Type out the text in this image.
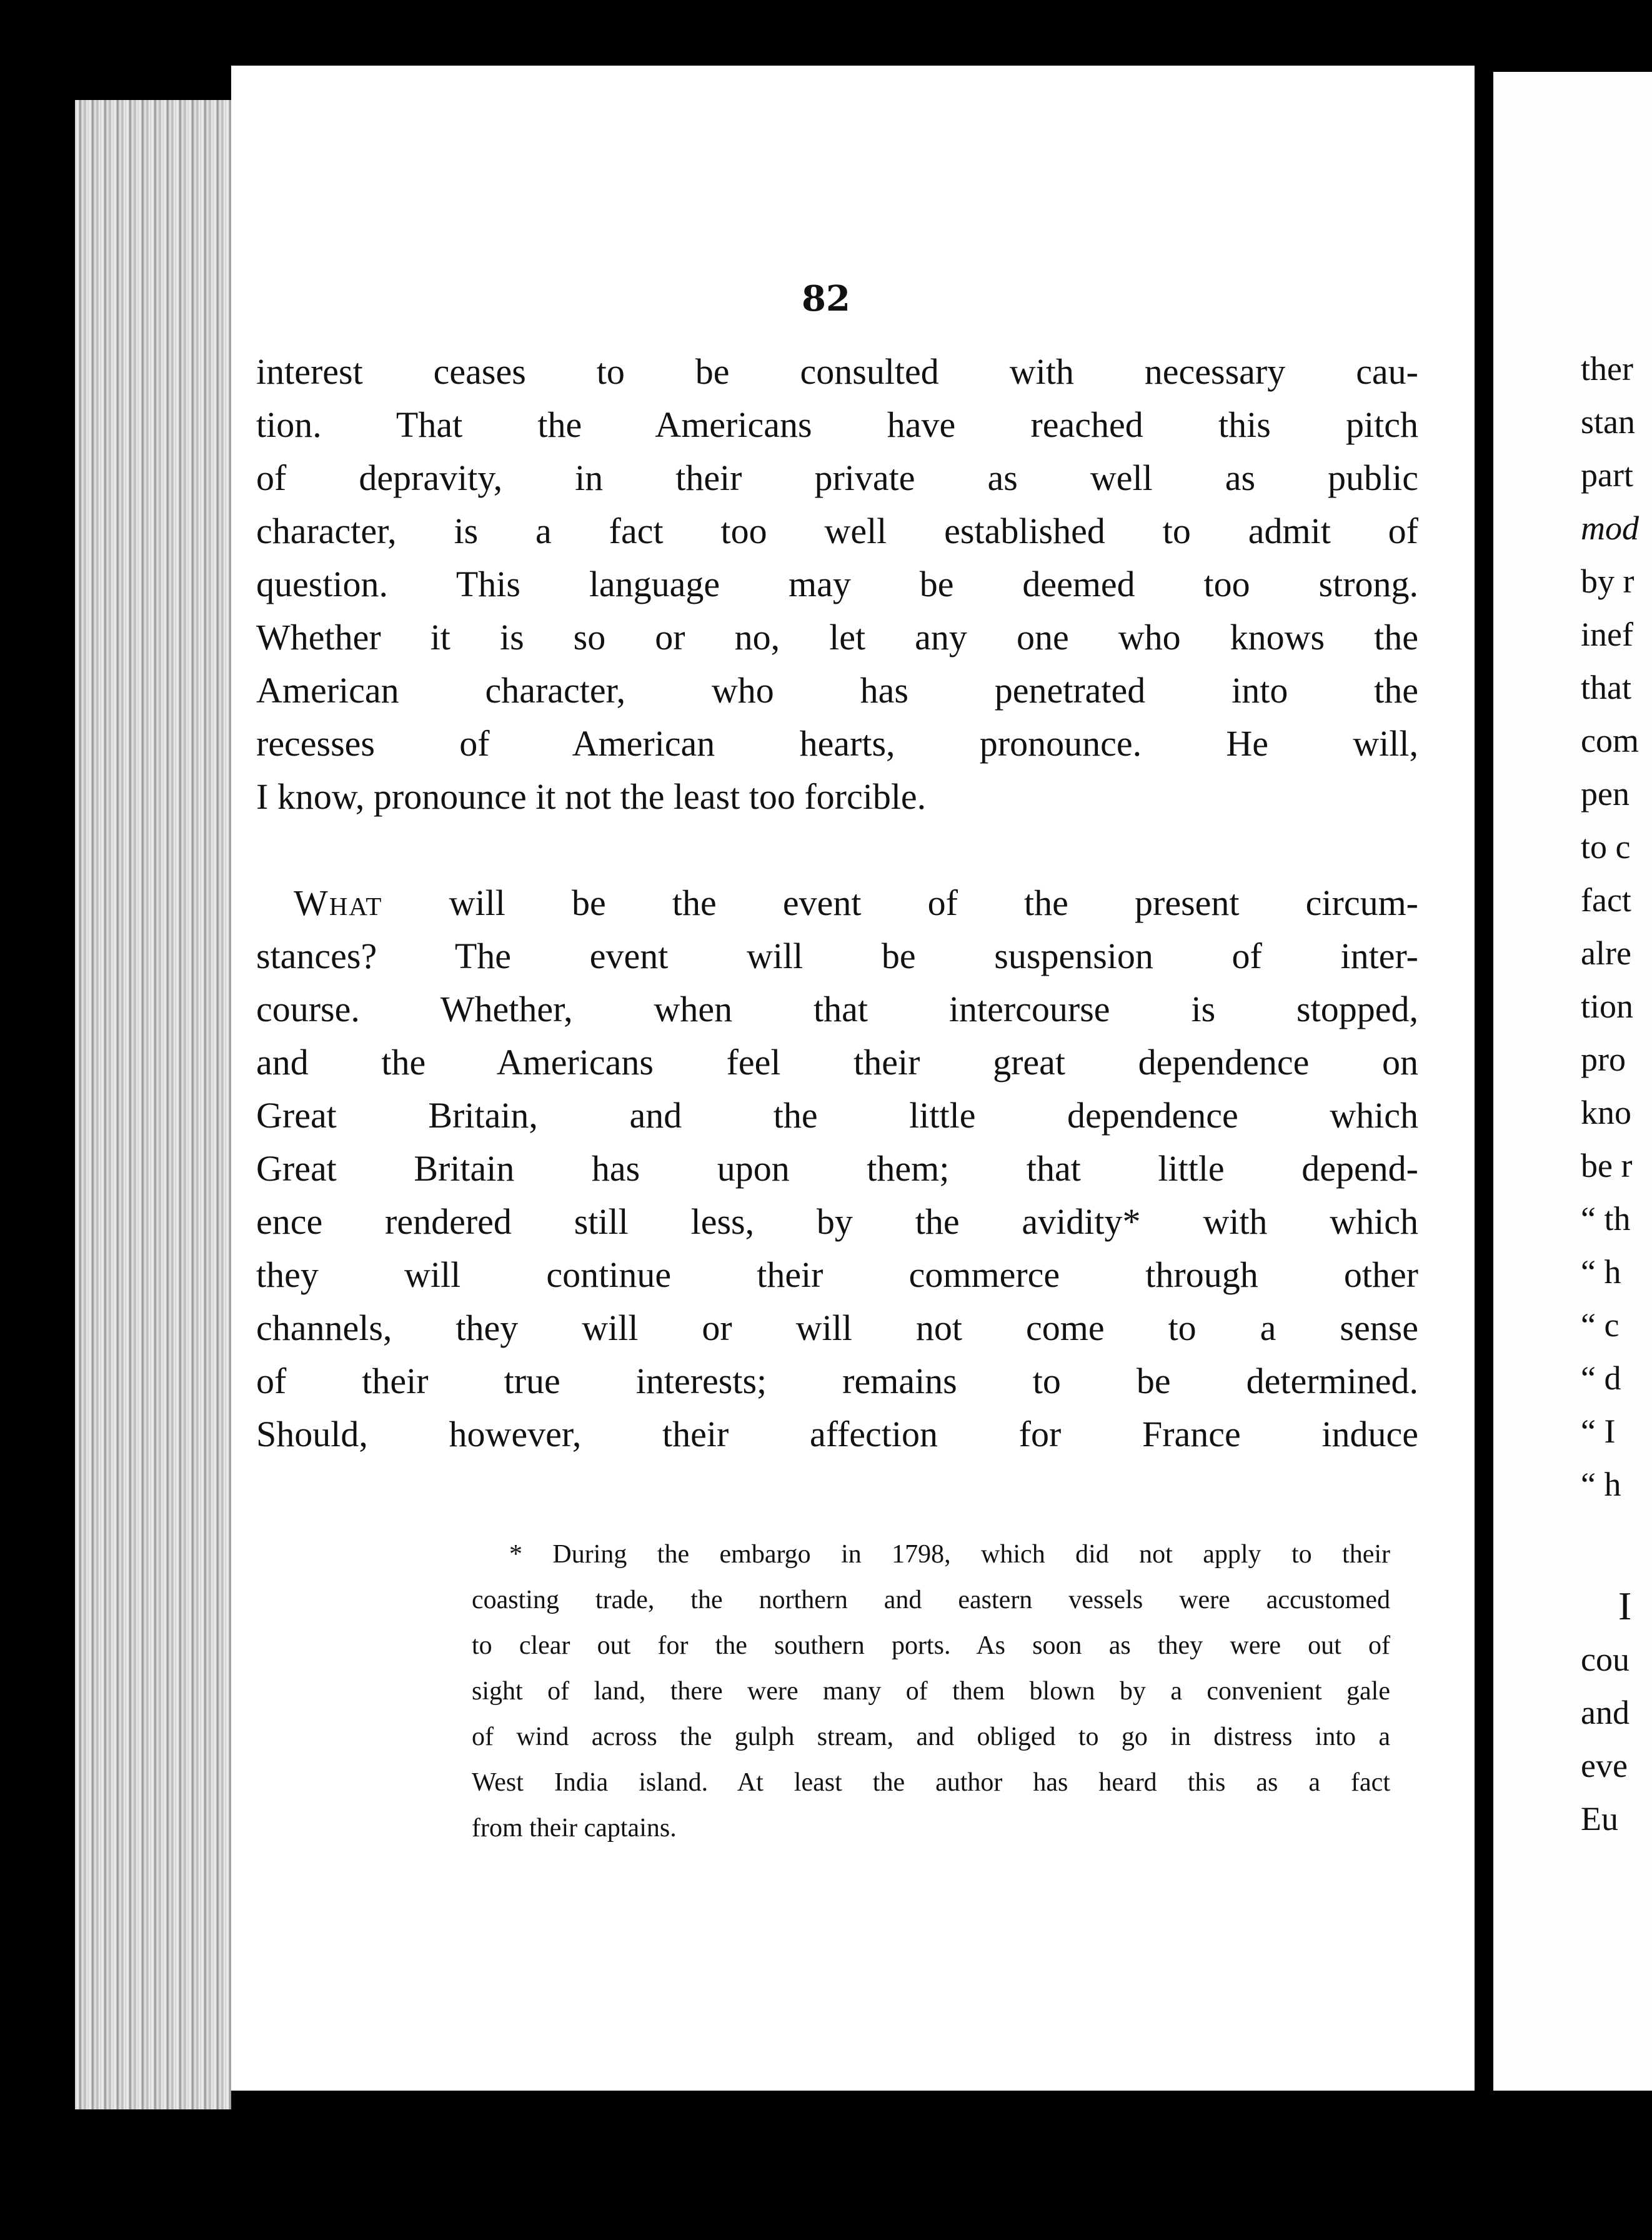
82
interest ceases to be consulted with necessary cau-
tion. That the Americans have reached this pitch
of depravity, in their private as well as public
character, is a fact too well established to admit of
question. This language may be deemed too strong.
Whether it is so or no, let any one who knows the
American character, who has penetrated into the
recesses of American hearts, pronounce. He will,
I know, pronounce it not the least too forcible.
What will be the event of the present circum-
stances? The event will be suspension of inter-
course. Whether, when that intercourse is stopped,
and the Americans feel their great dependence on
Great Britain, and the little dependence which
Great Britain has upon them; that little depend-
ence rendered still less, by the avidity* with which
they will continue their commerce through other
channels, they will or will not come to a sense
of their true interests; remains to be determined.
Should, however, their affection for France induce
* During the embargo in 1798, which did not apply to their
coasting trade, the northern and eastern vessels were accustomed
to clear out for the southern ports. As soon as they were out of
sight of land, there were many of them blown by a convenient gale
of wind across the gulph stream, and obliged to go in distress into a
West India island. At least the author has heard this as a fact
from their captains.
ther
stan
part
mod
by r
inef
that
com
pen
to c
fact
alre
tion
pro
kno
be r
“ th
“ h
“ c
“ d
“ I
“ h
I
cou
and
eve
Eu
